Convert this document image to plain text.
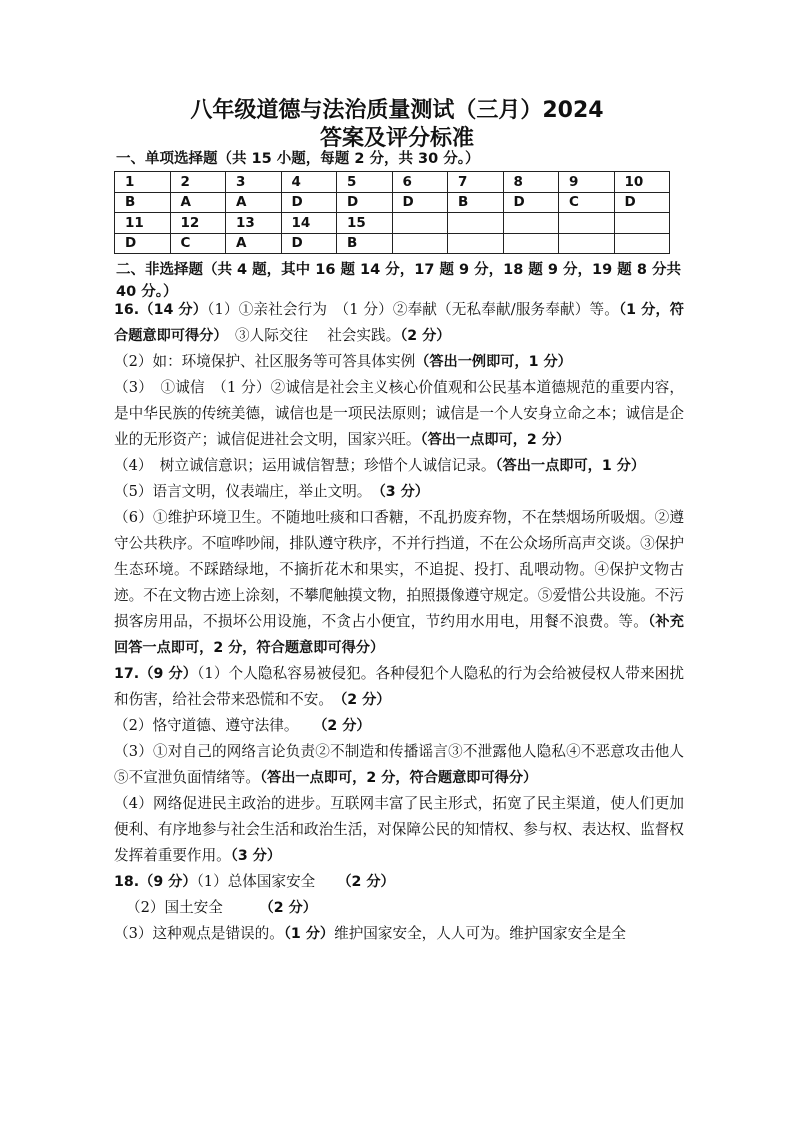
八年级道德与法治质量测试（三月）2024
答案及评分标准
一、单项选择题（共 15 小题，每题 2 分，共 30 分。）
1	2	3	4	5	6	7	8	9	10
B	A	A	D	D	D	B	D	C	D
11	12	13	14	15					
D	C	A	D	B					
二、非选择题（共 4 题，其中 16 题 14 分，17 题 9 分，18 题 9 分，19 题 8 分共 40 分。）

16.（14 分）（1）①亲社会行为　（1 分）②奉献（无私奉献/服务奉献）等。（1 分，符合题意即可得分）　③人际交往　 社会实践。（2 分）

（2）如：环境保护、社区服务等可答具体实例（答出一例即可，1 分）

（3）　①诚信　（1 分）②诚信是社会主义核心价值观和公民基本道德规范的重要内容，是中华民族的传统美德，诚信也是一项民法原则；诚信是一个人安身立命之本；诚信是企业的无形资产；诚信促进社会文明，国家兴旺。（答出一点即可，2 分）

（4）　树立诚信意识；运用诚信智慧；珍惜个人诚信记录。（答出一点即可，1 分）

（5）语言文明，仪表端庄，举止文明。　（3 分）

（6）①维护环境卫生。不随地吐痰和口香糖，不乱扔废弃物，不在禁烟场所吸烟。②遵守公共秩序。不喧哗吵闹，排队遵守秩序，不并行挡道，不在公众场所高声交谈。③保护生态环境。不踩踏绿地，不摘折花木和果实，不追捉、投打、乱喂动物。④保护文物古迹。不在文物古迹上涂刻，不攀爬触摸文物，拍照摄像遵守规定。⑤爱惜公共设施。不污损客房用品，不损坏公用设施，不贪占小便宜，节约用水用电，用餐不浪费。等。（补充回答一点即可，2 分，符合题意即可得分）

17.（9 分）（1）个人隐私容易被侵犯。各种侵犯个人隐私的行为会给被侵权人带来困扰和伤害，给社会带来恐慌和不安。　（2 分）

（2）恪守道德、遵守法律。　　（2 分）

（3）①对自己的网络言论负责②不制造和传播谣言③不泄露他人隐私④不恶意攻击他人⑤不宣泄负面情绪等。（答出一点即可，2 分，符合题意即可得分）

（4）网络促进民主政治的进步。互联网丰富了民主形式，拓宽了民主渠道，使人们更加便利、有序地参与社会生活和政治生活，对保障公民的知情权、参与权、表达权、监督权发挥着重要作用。（3 分）

18.（9 分）（1）总体国家安全　　（2 分）

（2）国土安全　　　（2 分）

（3）这种观点是错误的。（1 分）维护国家安全，人人可为。维护国家安全是全
